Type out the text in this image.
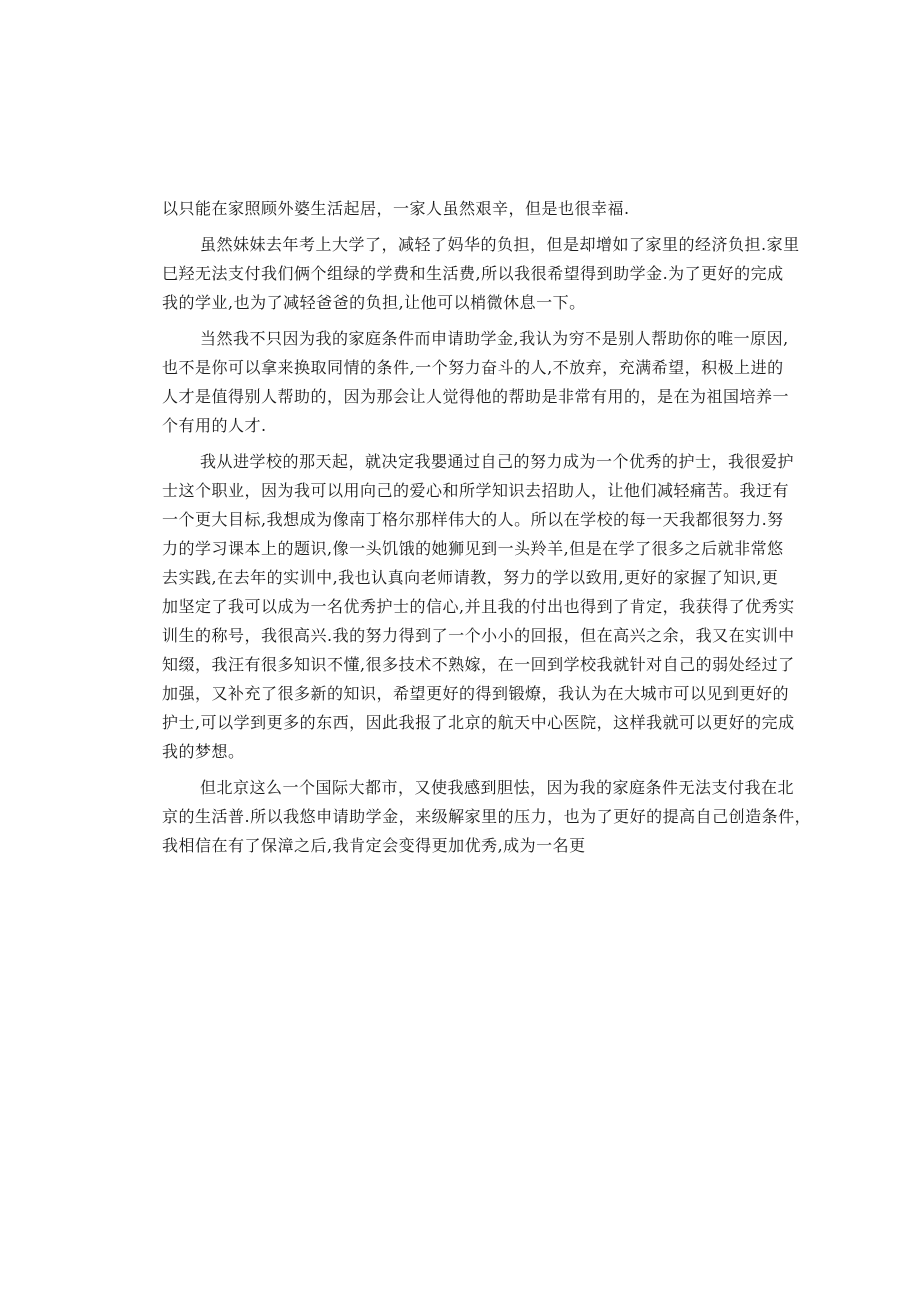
以只能在家照顾外婆生活起居，一家人虽然艰辛，但是也很幸福.
虽然妹妹去年考上大学了，减轻了妈华的负担，但是却增如了家里的经济负担.家里
巳羟无法支付我们俩个组绿的学费和生活费,所以我很希望得到助学金.为了更好的完成
我的学业,也为了减轻爸爸的负担,让他可以梢微休息一下。
当然我不只因为我的家庭条件而申请助学金,我认为穷不是别人帮助你的唯一原因,
也不是你可以拿来换取同情的条件,一个努力奋斗的人,不放弃，充满希望，积极上进的
人才是值得别人帮助的，因为那会让人觉得他的帮助是非常有用的，是在为祖国培养一
个有用的人才.
我从进学校的那天起，就决定我嬰通过自己的努力成为一个优秀的护士，我很爱护
士这个职业，因为我可以用向己的爱心和所学知识去招助人，让他们减轻痛苦。我迂有
一个更大目标,我想成为像南丁格尔那样伟大的人。所以在学校的每一天我都很努力.努
力的学习课本上的题识,像一头饥饿的她狮见到一头羚羊,但是在学了很多之后就非常悠
去实践,在去年的实训中,我也认真向老师请教，努力的学以致用,更好的家握了知识,更
加坚定了我可以成为一名优秀护士的信心,并且我的付出也得到了肯定，我获得了优秀实
训生的称号，我很高兴.我的努力得到了一个小小的回报，但在高兴之余，我又在实训中
知缀，我汪有很多知识不懂,很多技术不熟嫁，在一回到学校我就针对自己的弱处经过了
加强，又补充了很多新的知识，希望更好的得到锻燎，我认为在大城市可以见到更好的
护士,可以学到更多的东西，因此我报了北京的航天中心医院，这样我就可以更好的完成
我的梦想。
但北京这么一个国际大都市，又使我感到胆怯，因为我的家庭条件无法支付我在北
京的生活普.所以我悠申请助学金，来级解家里的压力，也为了更好的提高自己创造条件，
我相信在有了保漳之后,我肯定会变得更加优秀,成为一名更
